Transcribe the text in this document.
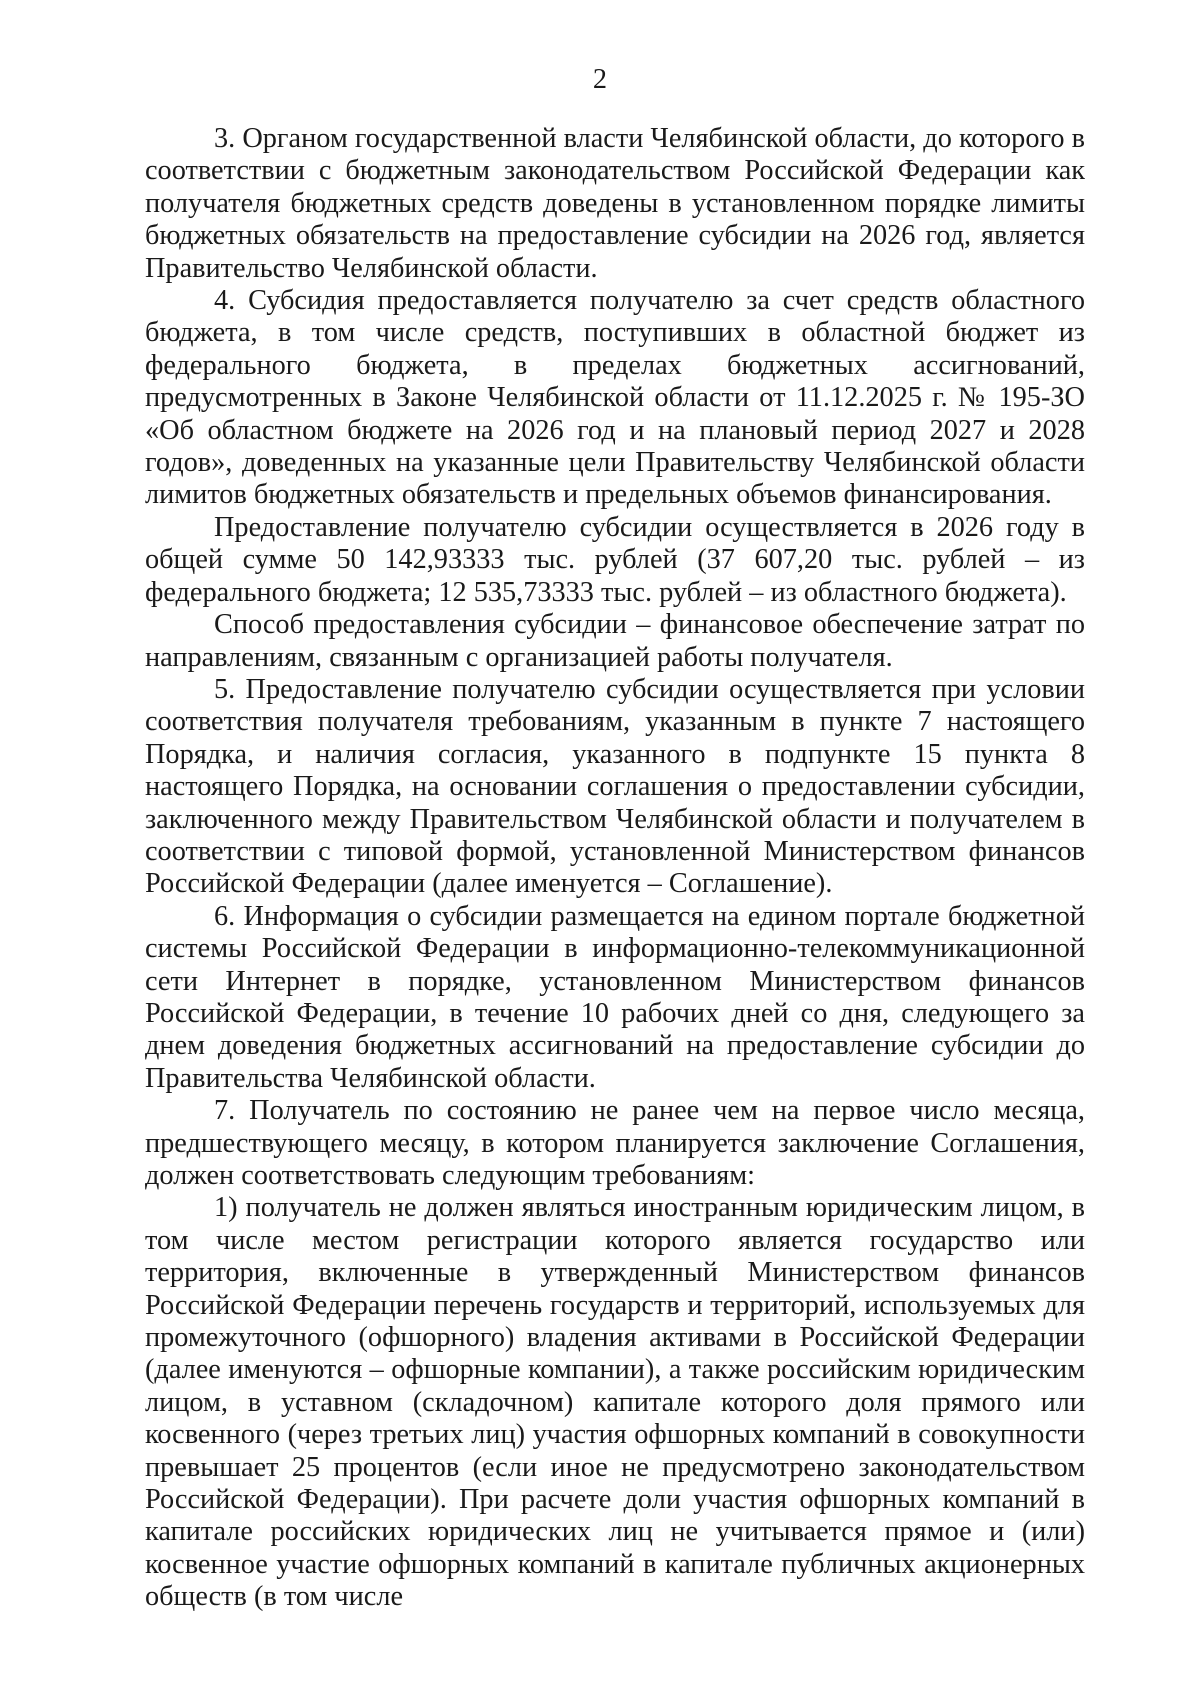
2

3. Органом государственной власти Челябинской области, до которого в соответствии с бюджетным законодательством Российской Федерации как получателя бюджетных средств доведены в установленном порядке лимиты бюджетных обязательств на предоставление субсидии на 2026 год, является Правительство Челябинской области.

4. Субсидия предоставляется получателю за счет средств областного бюджета, в том числе средств, поступивших в областной бюджет из федерального бюджета, в пределах бюджетных ассигнований, предусмотренных в Законе Челябинской области от 11.12.2025 г. № 195-ЗО «Об областном бюджете на 2026 год и на плановый период 2027 и 2028 годов», доведенных на указанные цели Правительству Челябинской области лимитов бюджетных обязательств и предельных объемов финансирования.

Предоставление получателю субсидии осуществляется в 2026 году в общей сумме 50 142,93333 тыс. рублей (37 607,20 тыс. рублей – из федерального бюджета; 12 535,73333 тыс. рублей – из областного бюджета).

Способ предоставления субсидии – финансовое обеспечение затрат по направлениям, связанным с организацией работы получателя.

5. Предоставление получателю субсидии осуществляется при условии соответствия получателя требованиям, указанным в пункте 7 настоящего Порядка, и наличия согласия, указанного в подпункте 15 пункта 8 настоящего Порядка, на основании соглашения о предоставлении субсидии, заключенного между Правительством Челябинской области и получателем в соответствии с типовой формой, установленной Министерством финансов Российской Федерации (далее именуется – Соглашение).

6. Информация о субсидии размещается на едином портале бюджетной системы Российской Федерации в информационно-телекоммуникационной сети Интернет в порядке, установленном Министерством финансов Российской Федерации, в течение 10 рабочих дней со дня, следующего за днем доведения бюджетных ассигнований на предоставление субсидии до Правительства Челябинской области.

7. Получатель по состоянию не ранее чем на первое число месяца, предшествующего месяцу, в котором планируется заключение Соглашения, должен соответствовать следующим требованиям:

1) получатель не должен являться иностранным юридическим лицом, в том числе местом регистрации которого является государство или территория, включенные в утвержденный Министерством финансов Российской Федерации перечень государств и территорий, используемых для промежуточного (офшорного) владения активами в Российской Федерации (далее именуются – офшорные компании), а также российским юридическим лицом, в уставном (складочном) капитале которого доля прямого или косвенного (через третьих лиц) участия офшорных компаний в совокупности превышает 25 процентов (если иное не предусмотрено законодательством Российской Федерации). При расчете доли участия офшорных компаний в капитале российских юридических лиц не учитывается прямое и (или) косвенное участие офшорных компаний в капитале публичных акционерных обществ (в том числе
